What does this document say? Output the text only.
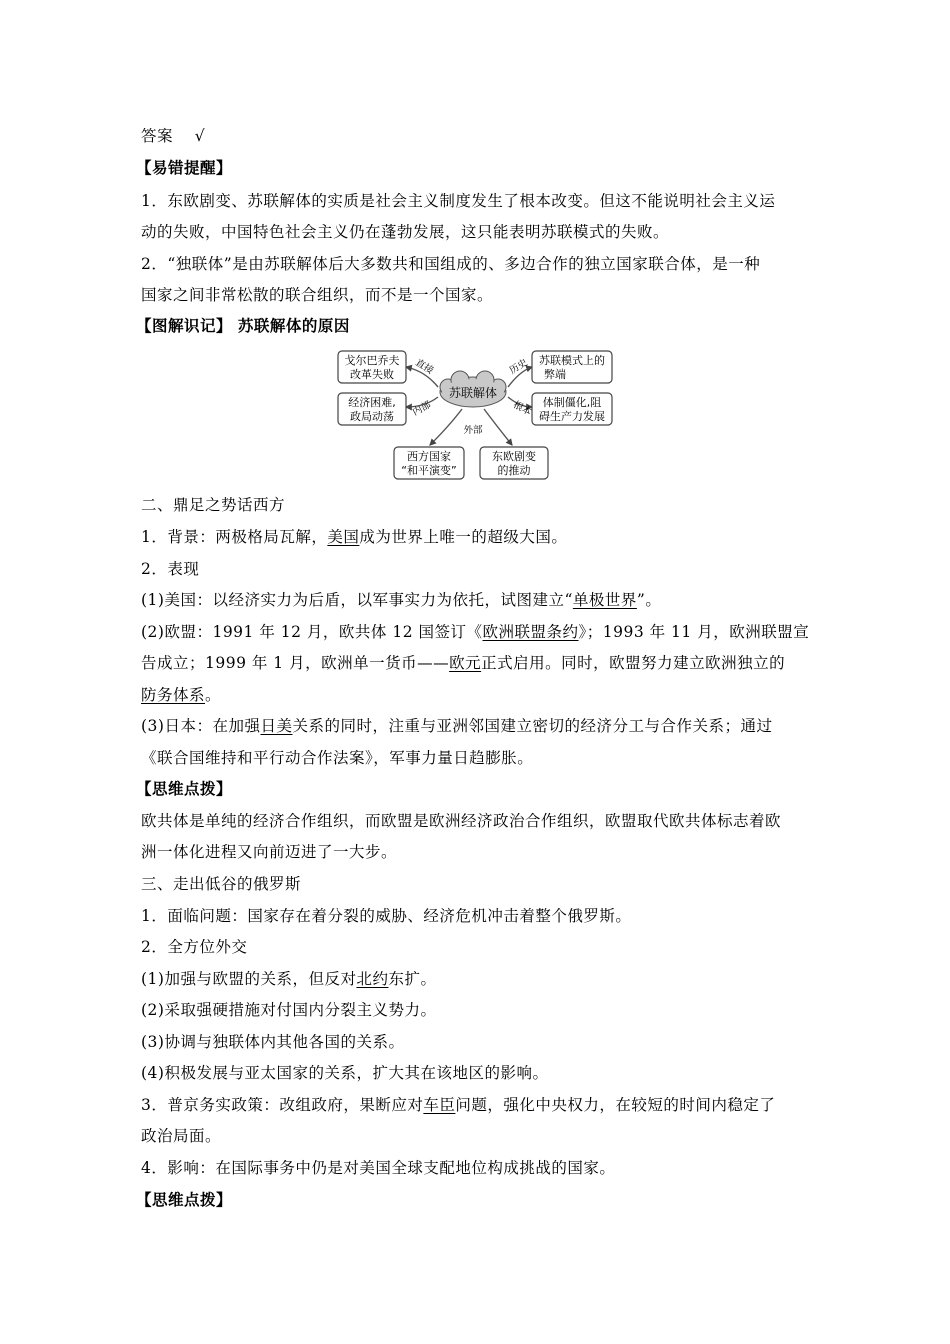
答案 √
【易错提醒】
1．东欧剧变、苏联解体的实质是社会主义制度发生了根本改变。但这不能说明社会主义运
动的失败，中国特色社会主义仍在蓬勃发展，这只能表明苏联模式的失败。
2．“独联体”是由苏联解体后大多数共和国组成的、多边合作的独立国家联合体，是一种
国家之间非常松散的联合组织，而不是一个国家。
【图解识记】 苏联解体的原因
苏联解体
戈尔巴乔夫
改革失败
经济困难,
政局动荡
苏联模式上的
弊端
体制僵化,阻
碍生产力发展
西方国家
“和平演变”
东欧剧变
的推动
直接
内部
历史
根本
外部
二、鼎足之势话西方
1．背景：两极格局瓦解，美国成为世界上唯一的超级大国。
2．表现
(1)美国：以经济实力为后盾，以军事实力为依托，试图建立“单极世界”。
(2)欧盟：1991 年 12 月，欧共体 12 国签订《欧洲联盟条约》；1993 年 11 月，欧洲联盟宣
告成立；1999 年 1 月，欧洲单一货币——欧元正式启用。同时，欧盟努力建立欧洲独立的
防务体系。
(3)日本：在加强日美关系的同时，注重与亚洲邻国建立密切的经济分工与合作关系；通过
《联合国维持和平行动合作法案》，军事力量日趋膨胀。
【思维点拨】
欧共体是单纯的经济合作组织，而欧盟是欧洲经济政治合作组织，欧盟取代欧共体标志着欧
洲一体化进程又向前迈进了一大步。
三、走出低谷的俄罗斯
1．面临问题：国家存在着分裂的威胁、经济危机冲击着整个俄罗斯。
2．全方位外交
(1)加强与欧盟的关系，但反对北约东扩。
(2)采取强硬措施对付国内分裂主义势力。
(3)协调与独联体内其他各国的关系。
(4)积极发展与亚太国家的关系，扩大其在该地区的影响。
3．普京务实政策：改组政府，果断应对车臣问题，强化中央权力，在较短的时间内稳定了
政治局面。
4．影响：在国际事务中仍是对美国全球支配地位构成挑战的国家。
【思维点拨】
